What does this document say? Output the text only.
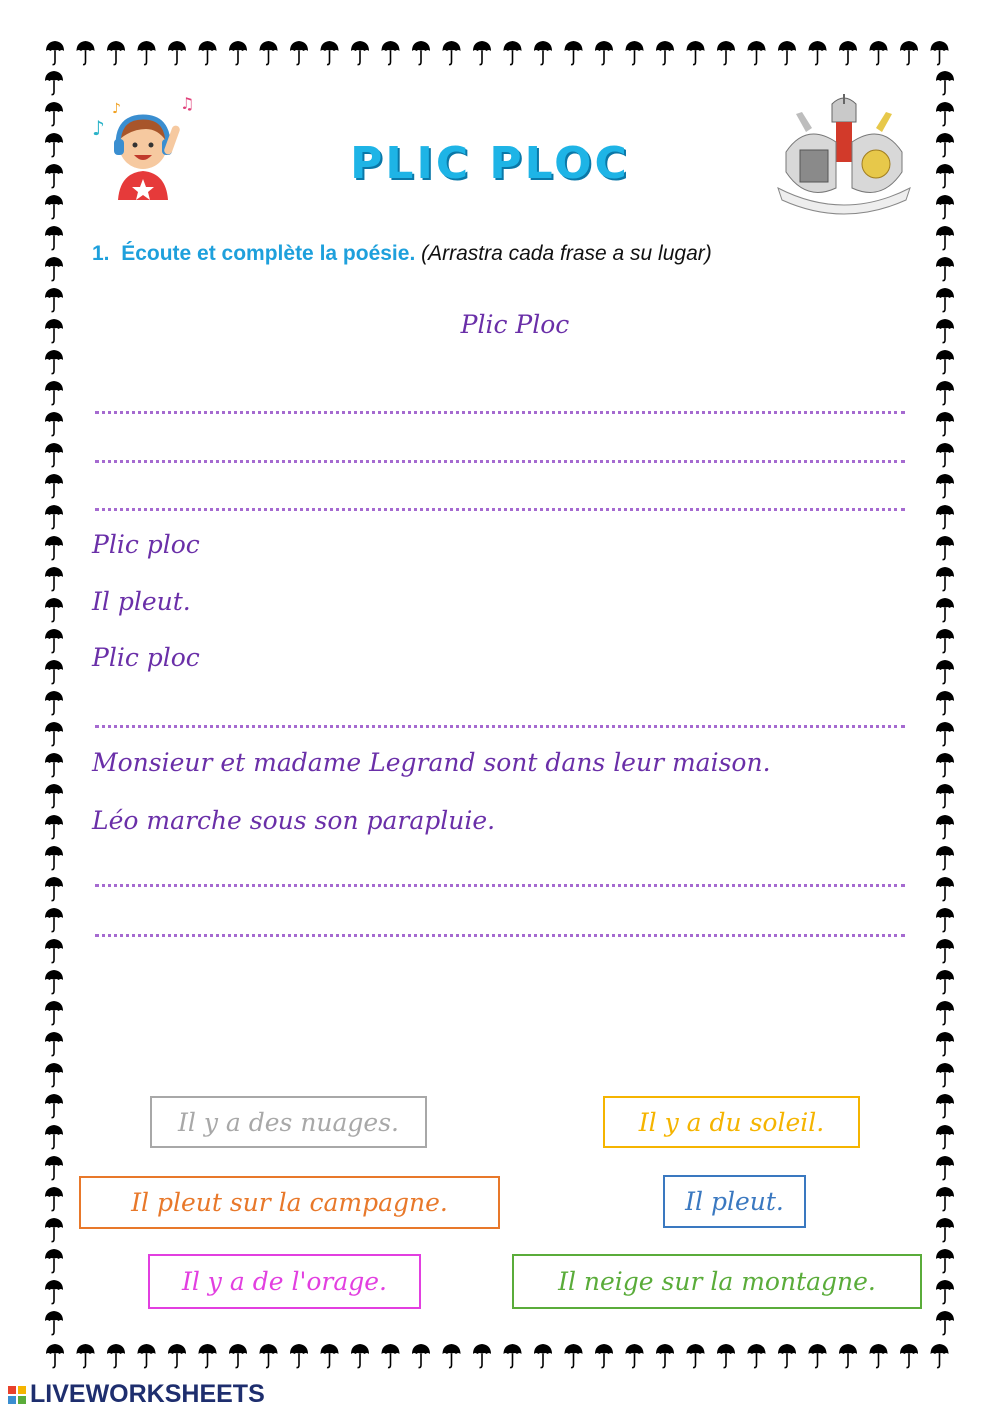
♪
♪	♫
PLIC PLOC
1. Écoute et complète la poésie. (Arrastra cada frase a su lugar)
Plic Ploc
Plic ploc
Il pleut.
Plic ploc
Monsieur et madame Legrand sont dans leur maison.
Léo marche sous son parapluie.
Il y a des nuages.	Il y a du soleil.
Il pleut sur la campagne.	Il pleut.
Il y a de l'orage.	Il neige sur la montagne.
LIVEWORKSHEETS
